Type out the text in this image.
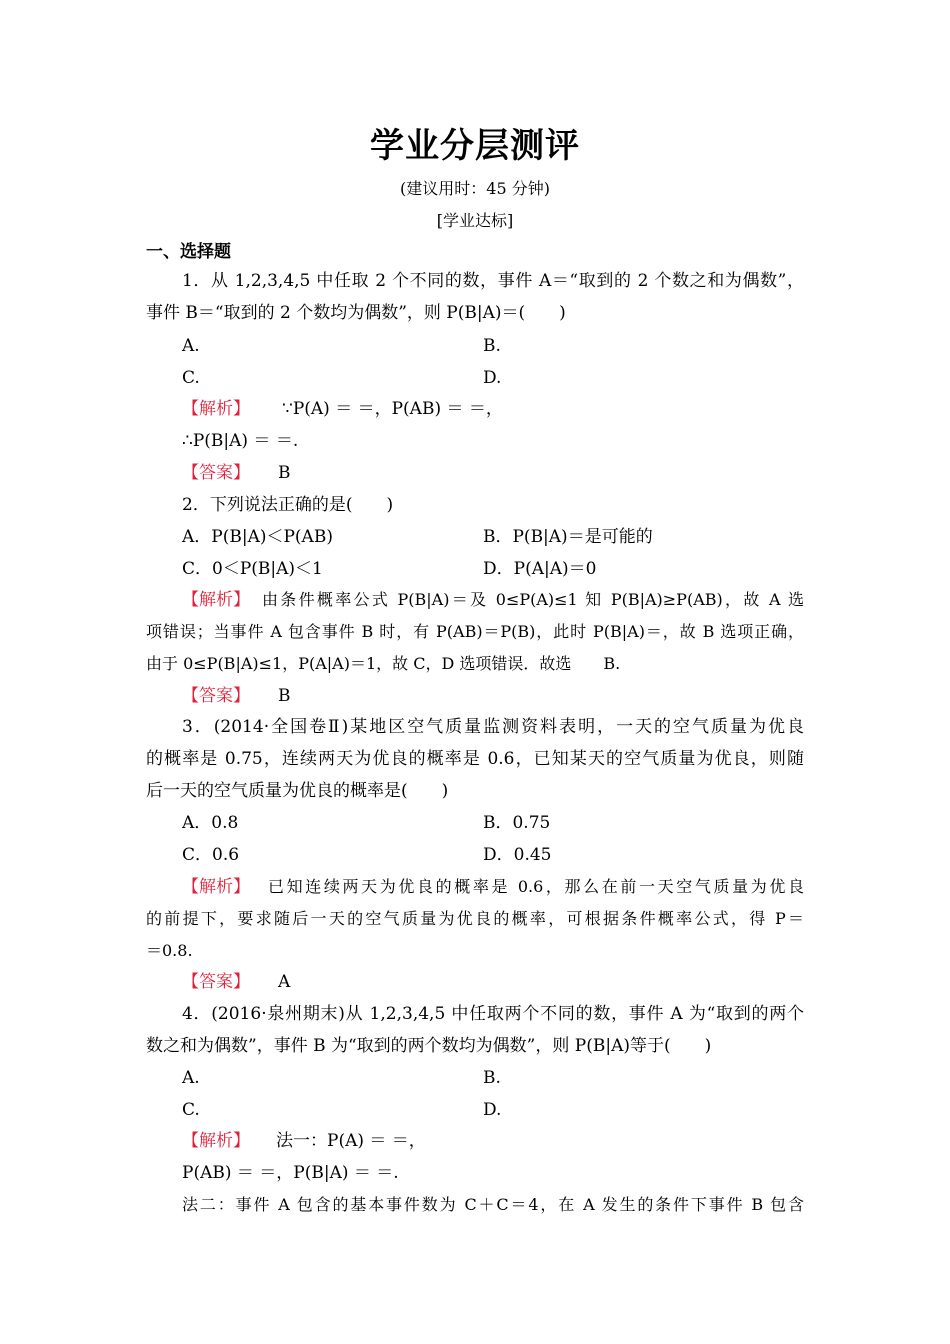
学业分层测评
(建议用时：45 分钟)
[学业达标]
一、选择题
1．从 1,2,3,4,5 中任取 2 个不同的数，事件 A＝“取到的 2 个数之和为偶数”，
事件 B＝“取到的 2 个数均为偶数”，则 P(B|A)＝(　　)
A.	B.
C.	D.
【解析】 ∵P(A) ＝ ＝，P(AB) ＝ ＝，
∴P(B|A) ＝ ＝.
【答案】 B
2．下列说法正确的是(　　)
A．P(B|A)＜P(AB)	B．P(B|A)＝是可能的
C．0＜P(B|A)＜1	D．P(A|A)＝0
【解析】 由条件概率公式 P(B|A)＝及 0≤P(A)≤1 知 P(B|A)≥P(AB)，故 A 选
项错误；当事件 A 包含事件 B 时，有 P(AB)＝P(B)，此时 P(B|A)＝，故 B 选项正确，
由于 0≤P(B|A)≤1，P(A|A)＝1，故 C，D 选项错误．故选　　B.
【答案】 B
3．(2014·全国卷Ⅱ)某地区空气质量监测资料表明，一天的空气质量为优良
的概率是 0.75，连续两天为优良的概率是 0.6，已知某天的空气质量为优良，则随
后一天的空气质量为优良的概率是(　　)
A．0.8	B．0.75
C．0.6	D．0.45
【解析】 已知连续两天为优良的概率是 0.6，那么在前一天空气质量为优良
的前提下，要求随后一天的空气质量为优良的概率，可根据条件概率公式，得 P＝
＝0.8.
【答案】 A
4．(2016·泉州期末)从 1,2,3,4,5 中任取两个不同的数，事件 A 为“取到的两个
数之和为偶数”，事件 B 为“取到的两个数均为偶数”，则 P(B|A)等于(　　)
A.	B.
C.	D.
【解析】 法一：P(A) ＝ ＝，
P(AB) ＝ ＝，P(B|A) ＝ ＝.
法二：事件 A 包含的基本事件数为 C＋C＝4，在 A 发生的条件下事件 B 包含
